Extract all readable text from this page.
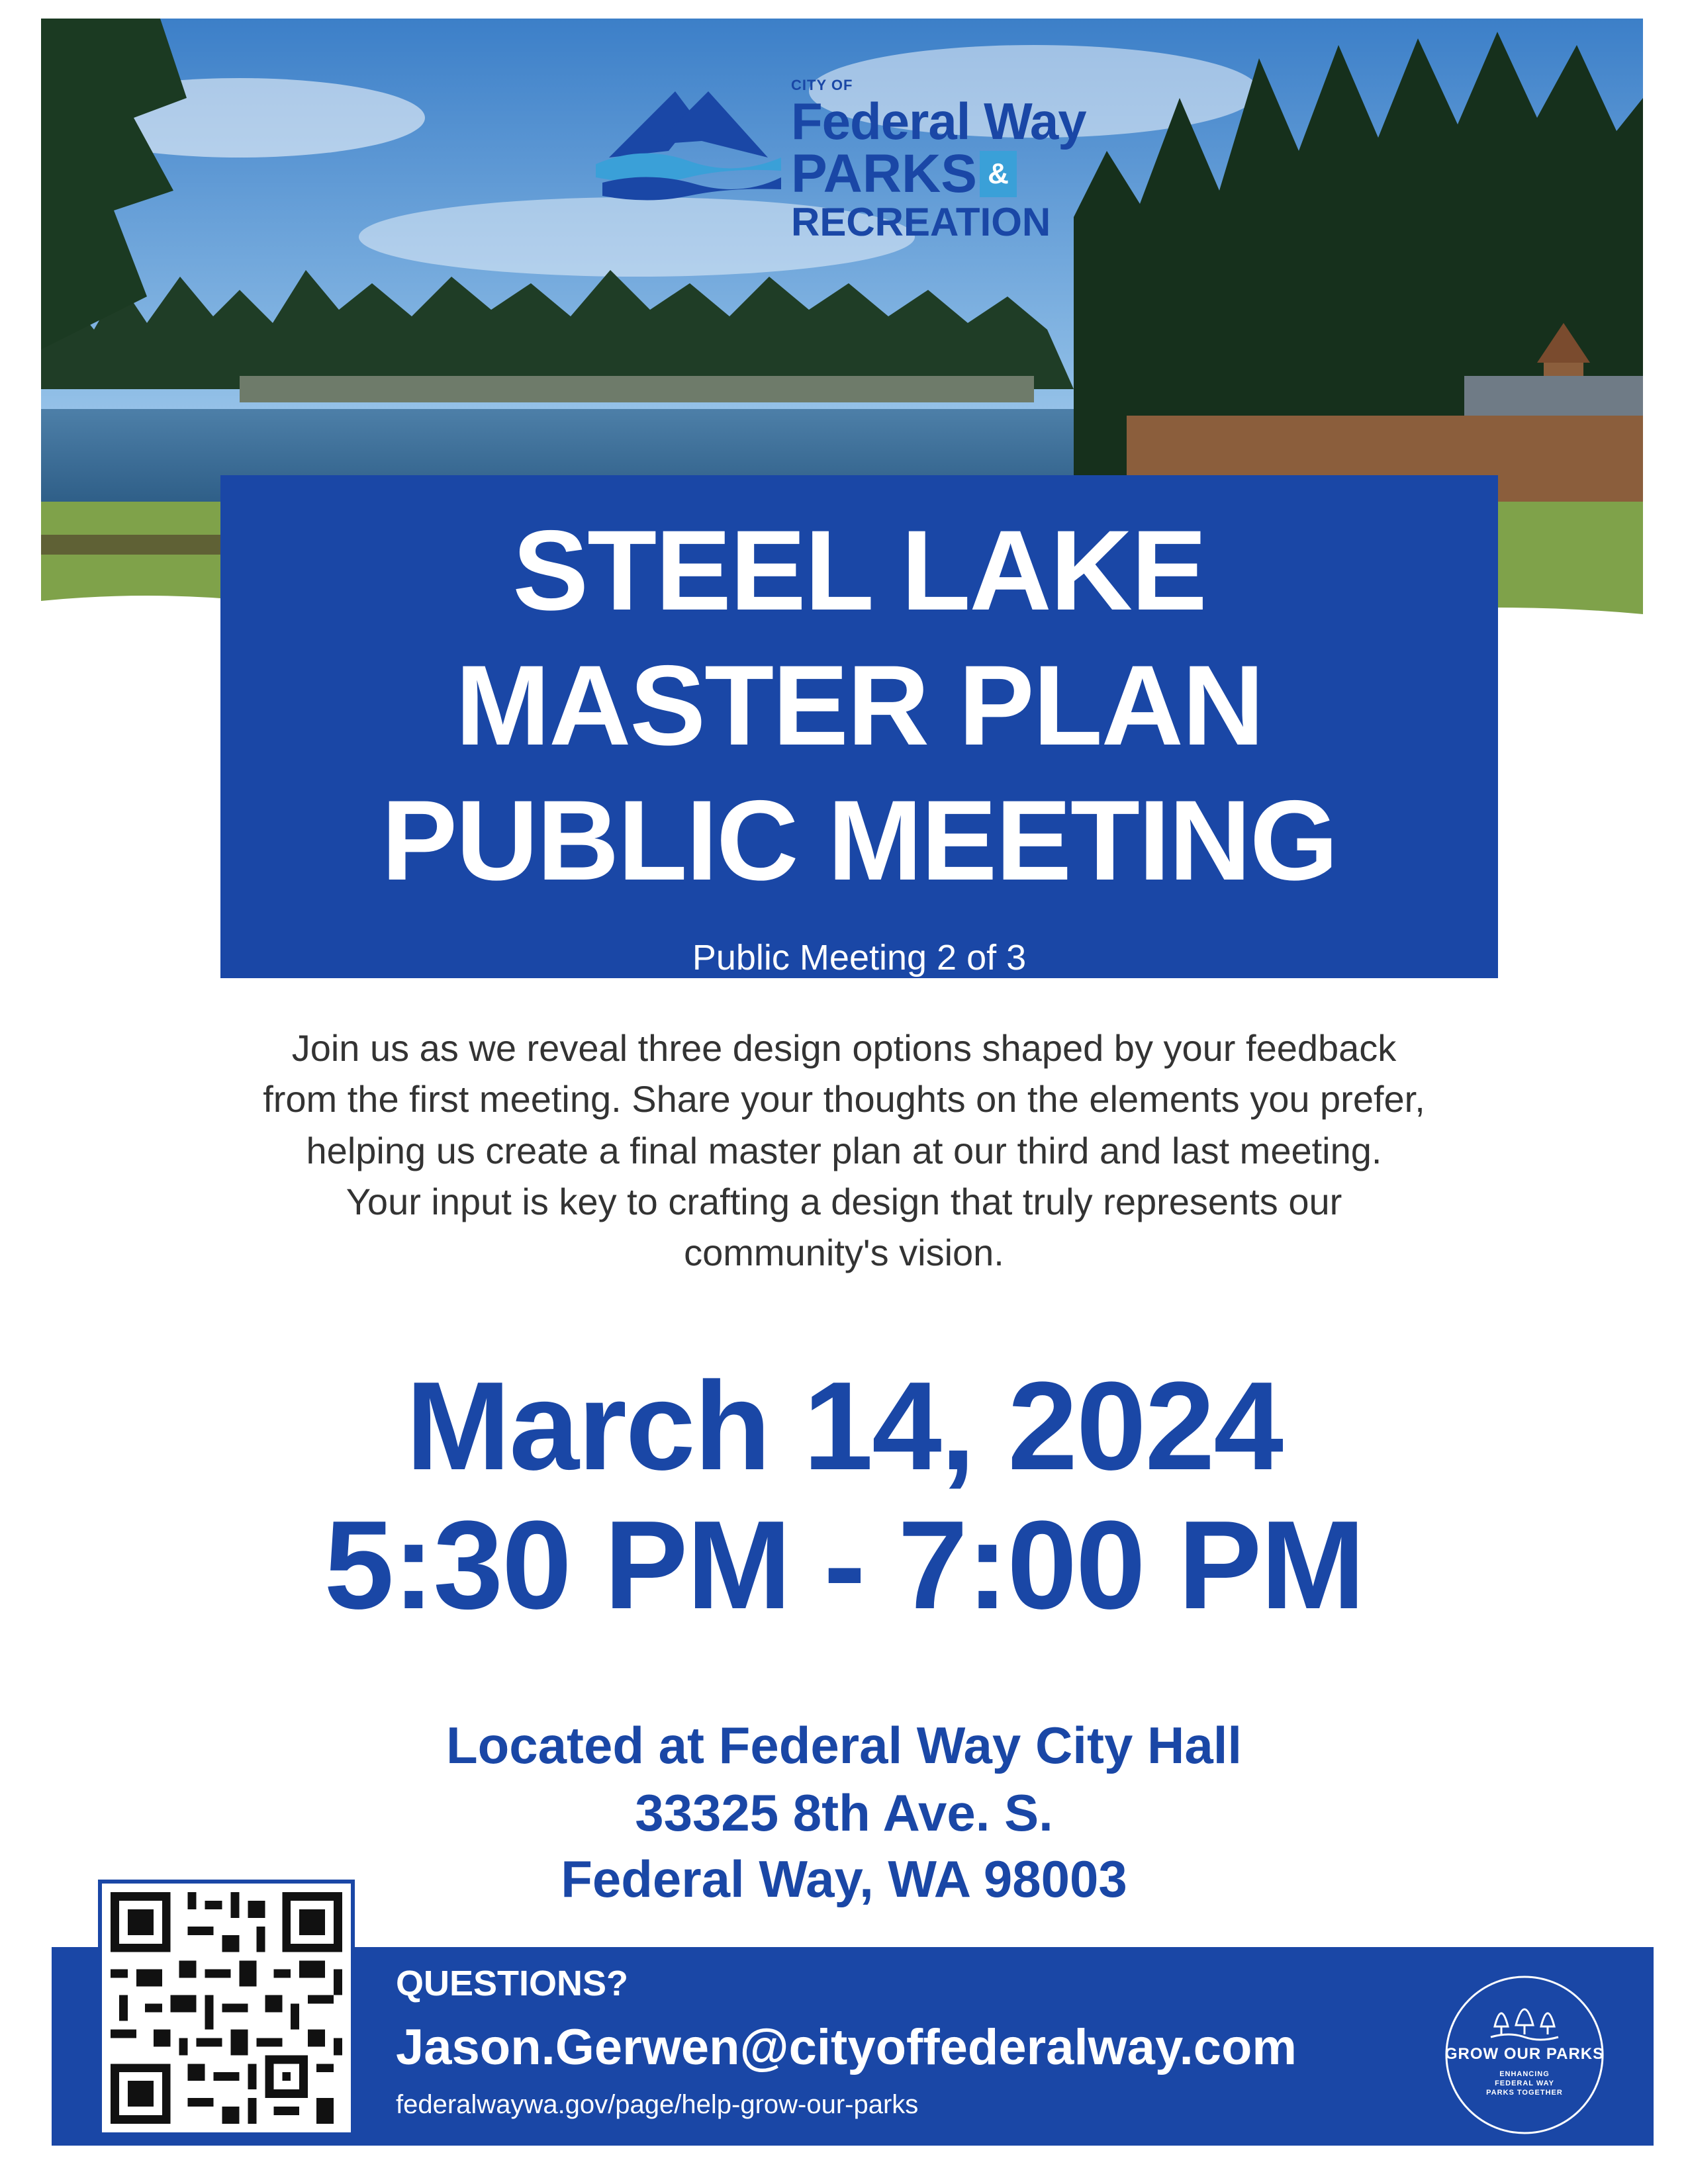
CITY OF
Federal Way
PARKS &
RECREATION
STEEL LAKE
MASTER PLAN
PUBLIC MEETING
Public Meeting 2 of 3
Join us as we reveal three design options shaped by your feedback
from the first meeting. Share your thoughts on the elements you prefer,
helping us create a final master plan at our third and last meeting.
Your input is key to crafting a design that truly represents our
community's vision.
March 14, 2024
5:30 PM - 7:00 PM
Located at Federal Way City Hall
33325 8th Ave. S.
Federal Way, WA 98003
QUESTIONS?
Jason.Gerwen@cityoffederalway.com
federalwaywa.gov/page/help-grow-our-parks
GROW OUR PARKS
ENHANCING
FEDERAL WAY
PARKS TOGETHER
